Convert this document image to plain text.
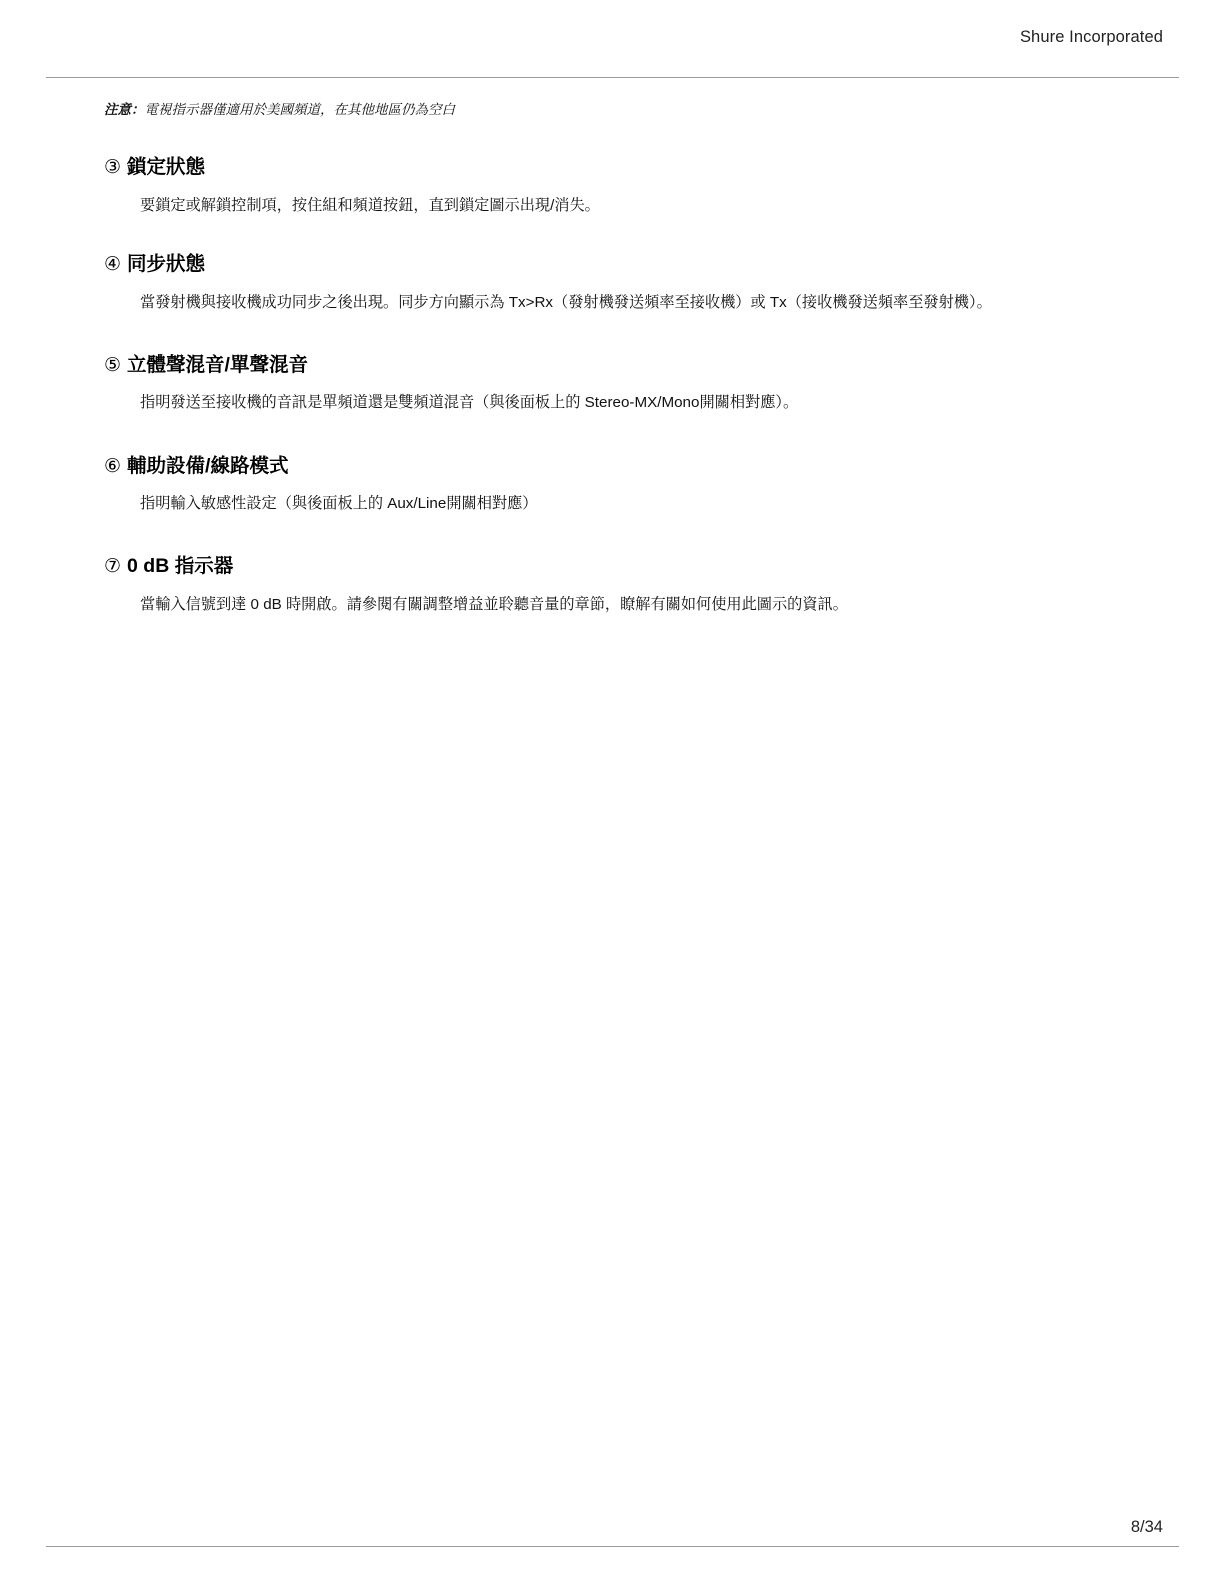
Shure Incorporated

注意：電視指示器僅適用於美國頻道，在其他地區仍為空白

③ 鎖定狀態

要鎖定或解鎖控制項，按住組和頻道按鈕，直到鎖定圖示出現/消失。

④ 同步狀態

當發射機與接收機成功同步之後出現。同步方向顯示為 Tx>Rx（發射機發送頻率至接收機）或 Tx（接收機發送頻率至發射機）。

⑤ 立體聲混音/單聲混音

指明發送至接收機的音訊是單頻道還是雙頻道混音（與後面板上的 Stereo-MX/Mono開關相對應）。

⑥ 輔助設備/線路模式

指明輸入敏感性設定（與後面板上的 Aux/Line開關相對應）

⑦ 0 dB 指示器

當輸入信號到達 0 dB 時開啟。請參閱有關調整增益並聆聽音量的章節，瞭解有關如何使用此圖示的資訊。

8/34
